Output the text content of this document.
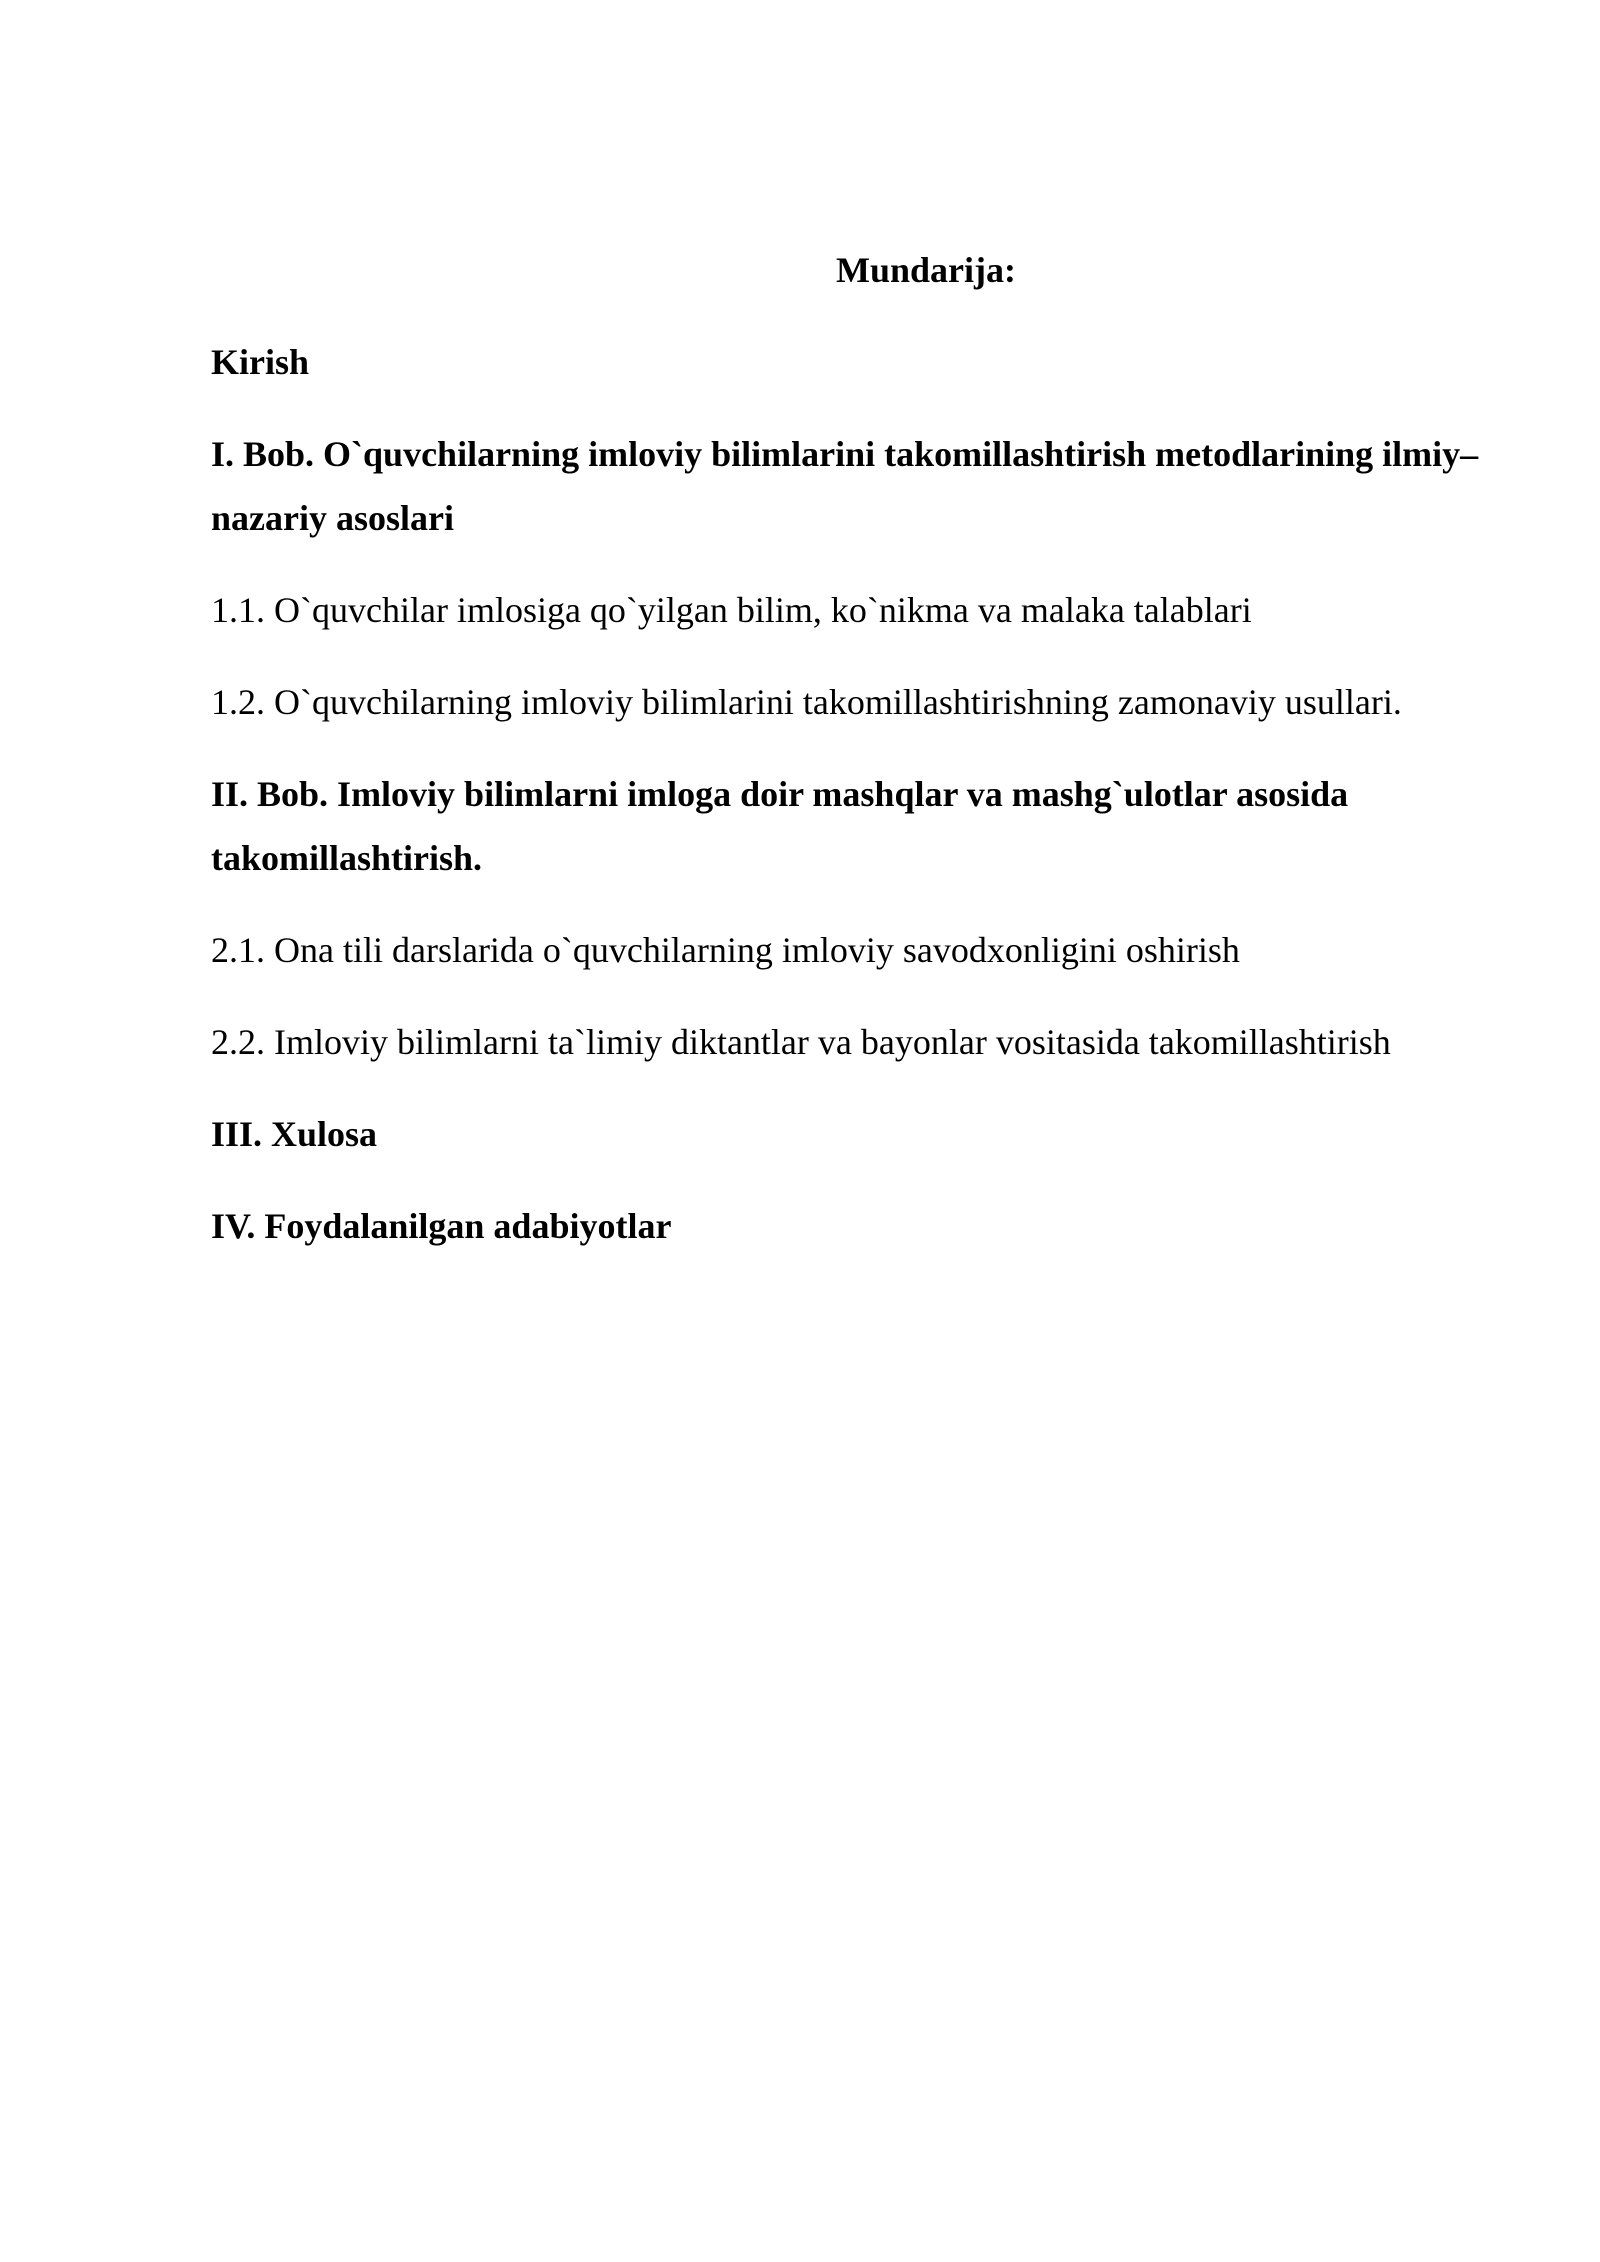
Mundarija:
Kirish
I. Bob. O`quvchilarning imloviy bilimlarini takomillashtirish metodlarining ilmiy–nazariy asoslari
1.1. O`quvchilar imlosiga qo`yilgan bilim, ko`nikma va malaka talablari
1.2. O`quvchilarning imloviy bilimlarini takomillashtirishning zamonaviy usullari.
II. Bob. Imloviy bilimlarni imloga doir mashqlar va mashg`ulotlar asosida takomillashtirish.
2.1. Ona tili darslarida o`quvchilarning imloviy savodxonligini oshirish
2.2. Imloviy bilimlarni ta`limiy diktantlar va bayonlar vositasida takomillashtirish
III. Xulosa
IV. Foydalanilgan adabiyotlar
